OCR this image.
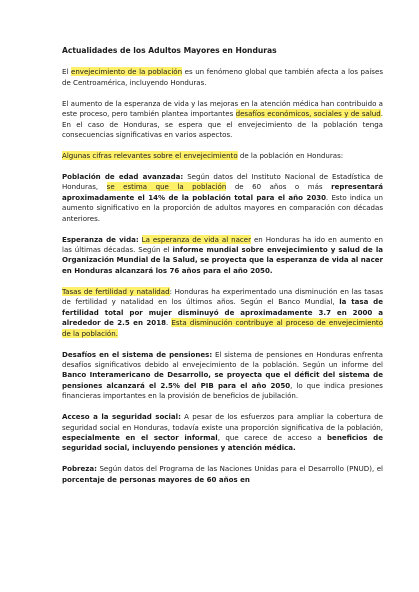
Actualidades de los Adultos Mayores en Honduras

El envejecimiento de la población es un fenómeno global que también afecta a los países de Centroamérica, incluyendo Honduras.

El aumento de la esperanza de vida y las mejoras en la atención médica han contribuido a este proceso, pero también plantea importantes desafíos económicos, sociales y de salud. En el caso de Honduras, se espera que el envejecimiento de la población tenga consecuencias significativas en varios aspectos.

Algunas cifras relevantes sobre el envejecimiento de la población en Honduras:

Población de edad avanzada: Según datos del Instituto Nacional de Estadística de Honduras, se estima que la población de 60 años o más representará aproximadamente el 14% de la población total para el año 2030. Esto indica un aumento significativo en la proporción de adultos mayores en comparación con décadas anteriores.

Esperanza de vida: La esperanza de vida al nacer en Honduras ha ido en aumento en las últimas décadas. Según el informe mundial sobre envejecimiento y salud de la Organización Mundial de la Salud, se proyecta que la esperanza de vida al nacer en Honduras alcanzará los 76 años para el año 2050.

Tasas de fertilidad y natalidad: Honduras ha experimentado una disminución en las tasas de fertilidad y natalidad en los últimos años. Según el Banco Mundial, la tasa de fertilidad total por mujer disminuyó de aproximadamente 3.7 en 2000 a alrededor de 2.5 en 2018. Esta disminución contribuye al proceso de envejecimiento de la población.

Desafíos en el sistema de pensiones: El sistema de pensiones en Honduras enfrenta desafíos significativos debido al envejecimiento de la población. Según un informe del Banco Interamericano de Desarrollo, se proyecta que el déficit del sistema de pensiones alcanzará el 2.5% del PIB para el año 2050, lo que indica presiones financieras importantes en la provisión de beneficios de jubilación.

Acceso a la seguridad social: A pesar de los esfuerzos para ampliar la cobertura de seguridad social en Honduras, todavía existe una proporción significativa de la población, especialmente en el sector informal, que carece de acceso a beneficios de seguridad social, incluyendo pensiones y atención médica.

Pobreza: Según datos del Programa de las Naciones Unidas para el Desarrollo (PNUD), el porcentaje de personas mayores de 60 años en
